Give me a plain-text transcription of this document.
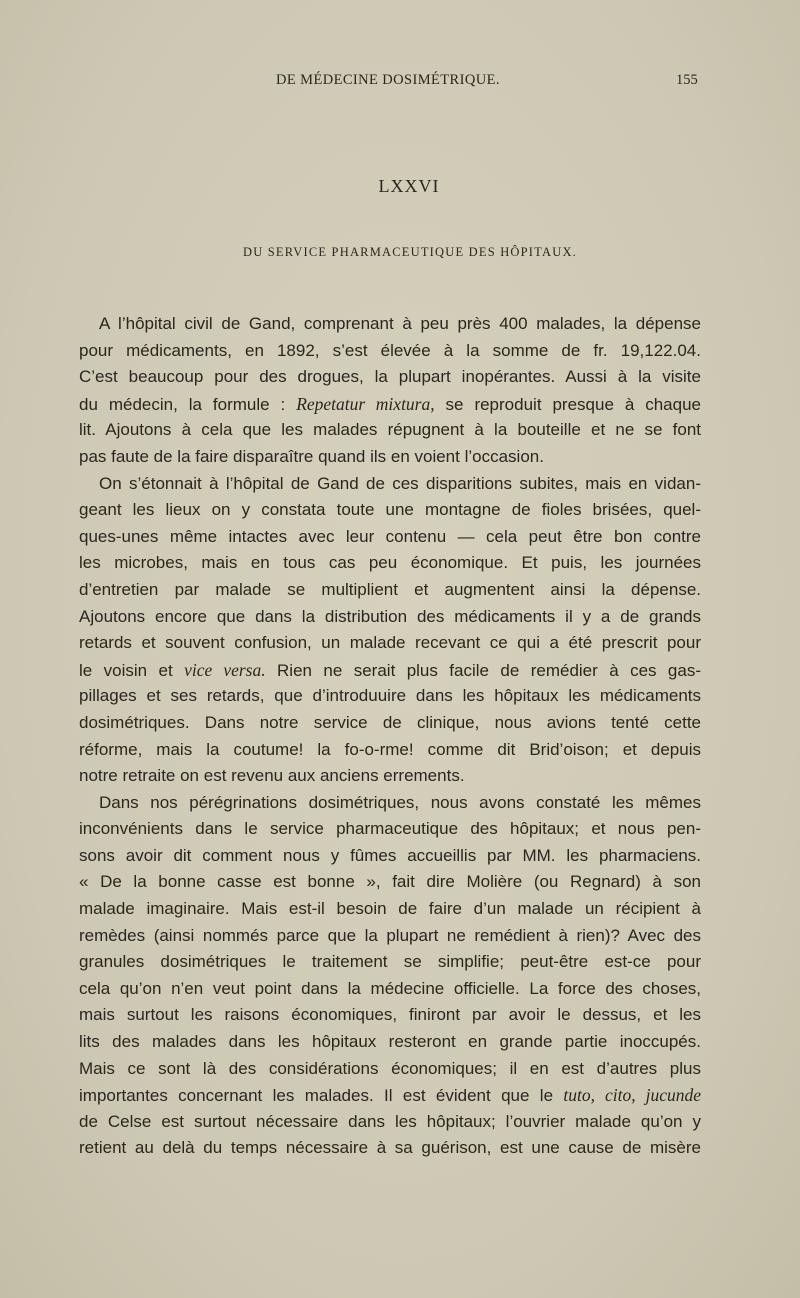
DE MÉDECINE DOSIMÉTRIQUE.	155
LXXVI
DU SERVICE PHARMACEUTIQUE DES HÔPITAUX.
A l’hôpital civil de Gand, comprenant à peu près 400 malades, la dépense
pour médicaments, en 1892, s’est élevée à la somme de fr. 19,122.04.
C’est beaucoup pour des drogues, la plupart inopérantes. Aussi à la visite
du médecin, la formule : Repetatur mixtura, se reproduit presque à chaque
lit. Ajoutons à cela que les malades répugnent à la bouteille et ne se font
pas faute de la faire disparaître quand ils en voient l’occasion.
On s’étonnait à l’hôpital de Gand de ces disparitions subites, mais en vidan-
geant les lieux on y constata toute une montagne de fioles brisées, quel-
ques-unes même intactes avec leur contenu — cela peut être bon contre
les microbes, mais en tous cas peu économique. Et puis, les journées
d’entretien par malade se multiplient et augmentent ainsi la dépense.
Ajoutons encore que dans la distribution des médicaments il y a de grands
retards et souvent confusion, un malade recevant ce qui a été prescrit pour
le voisin et vice versa. Rien ne serait plus facile de remédier à ces gas-
pillages et ses retards, que d’introduuire dans les hôpitaux les médicaments
dosimétriques. Dans notre service de clinique, nous avions tenté cette
réforme, mais la coutume! la fo-o-rme! comme dit Brid’oison; et depuis
notre retraite on est revenu aux anciens errements.
Dans nos pérégrinations dosimétriques, nous avons constaté les mêmes
inconvénients dans le service pharmaceutique des hôpitaux; et nous pen-
sons avoir dit comment nous y fûmes accueillis par MM. les pharmaciens.
« De la bonne casse est bonne », fait dire Molière (ou Regnard) à son
malade imaginaire. Mais est-il besoin de faire d’un malade un récipient à
remèdes (ainsi nommés parce que la plupart ne remédient à rien)? Avec des
granules dosimétriques le traitement se simplifie; peut-être est-ce pour
cela qu’on n’en veut point dans la médecine officielle. La force des choses,
mais surtout les raisons économiques, finiront par avoir le dessus, et les
lits des malades dans les hôpitaux resteront en grande partie inoccupés.
Mais ce sont là des considérations économiques; il en est d’autres plus
importantes concernant les malades. Il est évident que le tuto, cito, jucunde
de Celse est surtout nécessaire dans les hôpitaux; l’ouvrier malade qu’on y
retient au delà du temps nécessaire à sa guérison, est une cause de misère
